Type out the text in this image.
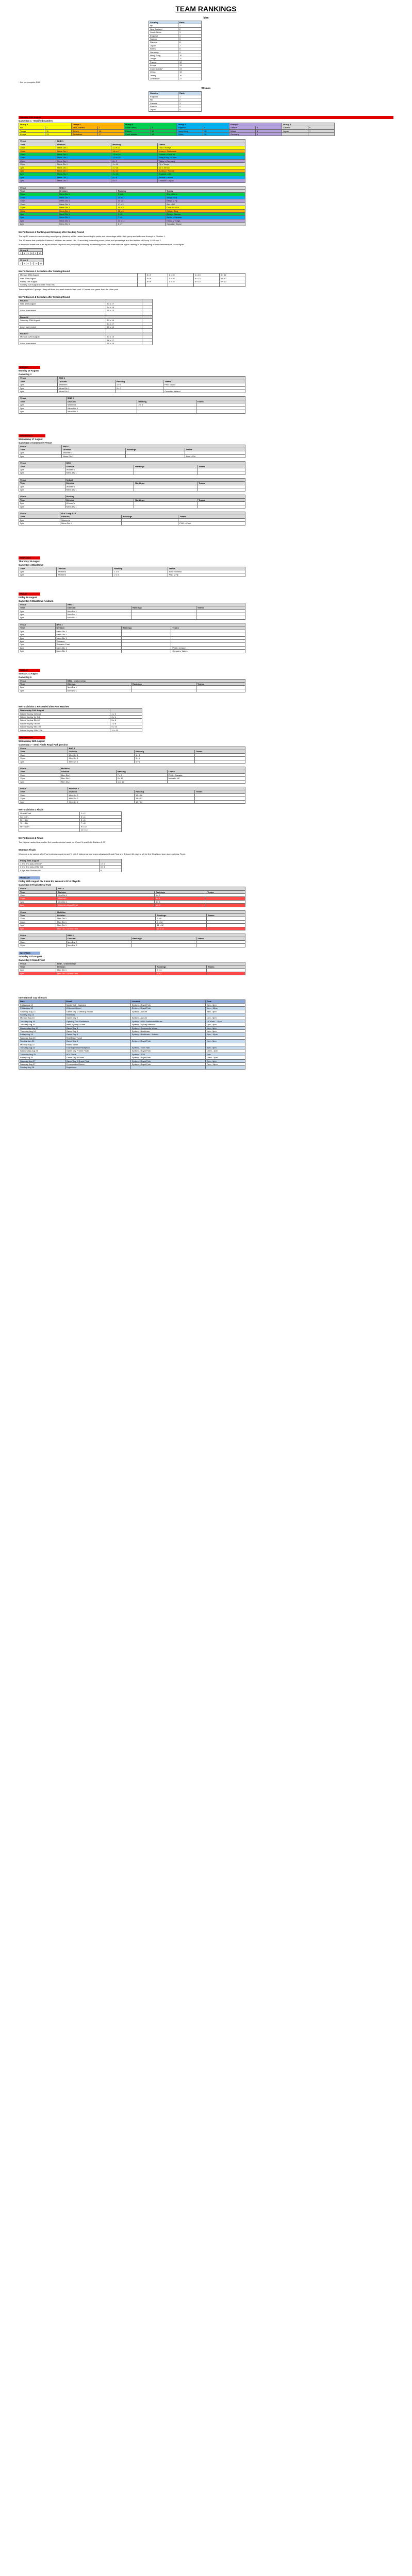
TEAM RANKINGS
Men
Country	Rank
Fiji	1
New Zealand	2
South Africa	3
England	4
Samoa	5
Canada	6
Japan	7
Wales	8
Germany	9
Hong Kong	10
Tonga*	11
France	12
Kenya	13
Cook Islands*	14
China	15
Jersey	16
Zimbabwe	17
* Not yet complete D3B
Women
Country	Rank
England	1
Fiji	2
Canada	3
Samoa	4
Japan	5
Saturday 13th August
Game Day 1 - Modified matches
Group 1		Group 2		Group 3		Group 4		Group 5		Group 6	
Fiji	1	New Zealand	2	South Africa	3	England	4	Samoa	5	Canada	6
Tonga	11	Jersey	16	France	12	Hong Kong	10	Wales	8	Japan	7
Kenya	13	Zimbabwe	17	Cook Islands	14	China	15	Germany	9		
Venue	BND 1		
Time	Division	Ranking	Teams
10am	Mens Div 1	11 vs 13	TNG v Kenya
10am	Mens Div 1	16 vs 17	Jersey v Zimbabwe
11am	Mens Div 1	12 vs 14	France v Cook Isl
11am	Mens Div 1	10 vs 15	Hong Kong v China
12pm	Mens Div 1	8 v 9	Wales v Germany
12pm	Mens Div 1	1 v 11	Fiji v Tonga
1pm	Mens Div 1	2 v 16	NZ v Jersey
1pm	Mens Div 1	3 v 12	S Africa v France
2pm	Mens Div 1	4 v 10	England v HK
2pm	Mens Div 1	5 v 8	Samoa v Wales
3pm	Mens Div 1	6 v 7	Canada v Japan
Venue	BND 2		
Time	Division	Ranking	Teams
10am	Mens Div 1	9 vs 8	Wal v Germ
10am	Mens Div 1	11 vs 1	Tonga v Fiji
11am	Mens Div 1	13 vs 1	Kenya v Fiji
11am	Mens Div 1	17 v 2	Zim v NZ
12pm	Mens Div 1	14 v 3	Cook Isl v SA
12pm	Mens Div 1	15 v 4	China v Eng
1pm	Mens Div 1	9 v 5	Germ v Samoa
1pm	Mens Div 1	7 v 6	Japan v Canada
2pm	Mens Div 1	13 v 11	Kenya v Tonga
2pm	Mens Div 1	6 v 7	Canada v Japan
Men's Division 1 Ranking and Grouping after Seeding Round
The top 12 teams in each seeding round group (division) will be ranked according to points and percentage within their group and will move through to Division 1.
The 12 teams that qualify for Division 1 will then be ranked 1 to 12 according to seeding round points and percentage and the first two of Group 1 & Group 2.
In the event teams are of an equal number of points and percentage following the seeding round, the team with the higher ranking at the beginning of the tournament will place higher.
Group 1
1	4	5	8	9	12
Group 2
2	3	6	7	10	11
Men's Division 1 Schedule after Seeding Round
Monday 15th August		8 v 9	1 v 16	4 v 13	5 v 12
Wed 17th August		8 v 9	1 v 16	4 v 13	5 v 12
Friday 19th August		8 v 9	1 v 16	4 v 13	5 v 12
Sunday 21st August Cowen Final TBC					
Teams split into 2 groups - they will then play each team in their pool 1-2 cross over game from the other pool
Men's Division 2 Schedule after Seeding Round
Round 1		
Wed 17th August	13 v 17	
	14 v 16	
Loser over match	15 v 13	

Round 2		
Saturday 20th August	13 v 16	
	14 v 17	
Loser over match	15 v 14	

Round 3		
Monday 22nd August	13 v 14	
	16 v 17	
Loser over match	15 v 16	
MONDAY
Monday 15 August
Game Day 2
Venue	BND 1		
Time	Division	Ranking	Teams
2pm	Women's	1 v 4	PNG v Aust
3pm	Mens Div 1	5 v 7	
4pm	Mens Div 1		Canada v Ireland
Venue	BND 2		
Time	Division	Ranking	Teams
2pm	Women's	2 v 3	
3pm	Mens Div 1		
4pm	Mens Div 1		
WEDNESDAY
Wednesday 17 August
Game Day 3 Community Venue
Venue	BND 1		
Time	Division	Rankings	Teams
2pm	Women's		
3pm	Mens Div 1		Aust v Cbr
Venue	BND		
Time	Division	Rankings	Teams
2pm	Women's		
4pm	Mens Div 1		
Venue	Netball		
Time	Division	Rankings	Teams
2pm	Women's		
3pm	Mens Div 1		
Venue	Ruckley		
Time	Division	Rankings	Teams
2pm	Women's		
3pm	Mens Div 1		
Venue	BLK Loop BYB		
Time	Division	Rankings	Teams
2pm	Women's		
3pm	Mens Div 1		PNG v Cook
THURSDAY
Thursday 18 August
Game Day 4 Blacktown
Time	Division	Ranking	Teams
2pm	Women's	1 v 5	Aust v Ireland
3pm	Women's	2 v 3	PNG v Fiji
FRIDAY
Friday 19 August
Game Day 5 Blacktown / Auburn
Venue	BND 1		
Time	Division	Rankings	Teams
3pm	Men Div 1		
4pm	Men Div 1		
5pm	Men Div 1		
Venue	BND 2		
Time	Division	Rankings	Teams
3pm	Mens Div 1		
4pm	Mens Div 1		
5pm	Mens Div 1		
6pm	Womens		
7pm	Womens Final		
8pm	Mens Div 1		PNG v Ireland
9pm	Mens Div 1		Canada v Wales
SUNDAY
Sunday 21 August
Game Day 6
Venue	BND - cricket view		
Time	Division	Rankings	Teams
2pm	Men Div 1		
3pm	Men Div 1		
Men's Division 1 Re-seeded after Pool Matches
Wednesday 24th August	
Winner to play 1st 2nd	1 v 2
Winner to play for 3rd	3 v 4
Winner to play 5th 6th	5 v 6
Winner to play 7th 8th	7 v 8
Winner to play 9th 10th	9 v 10
Winner to play 11th 12th	11 v 12
WEDNESDAY
Wednesday 24th August
Game Day 7 - Semi Finals Royal Park precinct
Venue	BND 1		
Time	Division	Ranking	Teams
11am	Men Div 1	1 v 2	
12pm	Men Div 1	3 v 4	
1pm	Men Div 1	5 v 6	
Venue	Multiline		
Time	Division	Ranking	Teams
11am	Men Div 1	7 v 8	PNG v Canada
12pm	Men Div 1	9 v 10	Ireland v NZ
1pm	Men Div 1	11 v 12	
Venue	Multiline 2		
Time	Division	Ranking	Teams
11am	Men Div 2	13 v 16	
12pm	Men Div 2	14 v 17	
1pm	Men Div 2	15 v 14	
Men's Division 1 Finals
Grand Final	1 v 2
3rd v 4th	3 v 4
5th v 6th	5 v 6
7th v 8th	7 v 8
9th v 10th	9 v 10
	11 v 12
Men's Division 2 Finals
Two highest ranked teams after 3rd round matches based on W and % qualify for Division 2 GF
Women's Finals
Women's to be ranked after Pool matches on points and % with 2 highest ranked teams playing in Grand Final and 3rd and 4th playing off for 3rd. 5th placed team does not play Finals
Friday 26th August	
1 and 2 to play off in GF	1 v 2
3 and 4 to play off for 3rd	3 v 4
5 Bye and Finishes 5th	5
FRI26AUG
Friday 26th August Div 1 Men B1, Women's GF & Playoffs
Game Day 8 Finals Royal Park
Venue	BND 1		
Time	Division	Rankings	Teams
11am	Men Div 1	1 v 2	
12pm	Women's	3 v 4	
1pm	Men Div 1	5 v 6	
2pm	Women's Grand Final	1 v 2	
Venue	Multiline		
Time	Division	Rankings	Teams
11am	Men Div 1	7 v 8	
12pm	Men Div 1	9 v 10	
1pm	Men Div 1	11 v 12	
4pm	Men Div 2 Grand Final	13 v 14	
Venue	BND 2		
Time	Division	Rankings	Teams
11am	Men Div 2		
12pm	Men Div 2		
SAT27AUG
Saturday 27th August
Game Day 9 Grand Final
Venue	BND - Cricket view		
Time	Division	Rankings	Teams
3pm	Men Div 1	3 v 4	
4pm	Men Div 1 Grand Final	1 v 2	
International Cup Itinerary
Date	Event	Location	Time
Friday Aug 12	Media Call - Captains	Sydney - Royal Park	2pm - 3pm
Friday Aug 12	Welcome Dinner	Sydney - Royal Park	6pm - 10pm
Saturday Aug 13	Game Day 1 Seeding Round	Sydney - Auburn	9am - 5pm
Sunday Aug 14	Rest Day		
Monday Aug 15	Game Day 2	Sydney - Auburn	1pm - 5pm
Tuesday Aug 16	Opening Tour Parliament	Sydney - NSW Parliament House	10.30am - 12pm
Tuesday Aug 16	Hello Sydney Cruise	Sydney - Sydney Harbour	1pm - 4pm
Wednesday Aug 17	Game Day 3	Sydney - Community Venue	1pm - 5pm
Thursday Aug 18	Game Day 4	Sydney - Blacktown	1pm - 5pm
Friday Aug 19	Game Day 5	Sydney - Blacktown / Auburn	2pm - 10pm
Saturday Aug 20	Rest Day / Travel		
Sunday Aug 21	Game Day 6	Sydney - Royal Park	1pm - 5pm
Monday Aug 22	Rest / Travel		
Tuesday Aug 23	Training / Gala Reception	Sydney - Town Hall	6pm - 9pm
Wednesday Aug 24	Game Day 7 Semi Finals	Sydney - Royal Park	10am - 4pm
Thursday Aug 25	AFL Game	Sydney - SCG	7pm
Friday Aug 26	Game Day 8 Finals	Sydney - Royal Park	10am - 5pm
Saturday Aug 27	Game Day 9 Grand Final	Sydney - Royal Park	2pm - 5pm
Saturday Aug 27	Presentation Dinner	Sydney - Royal Park	7pm - 11pm
Sunday Aug 28	Departures		
